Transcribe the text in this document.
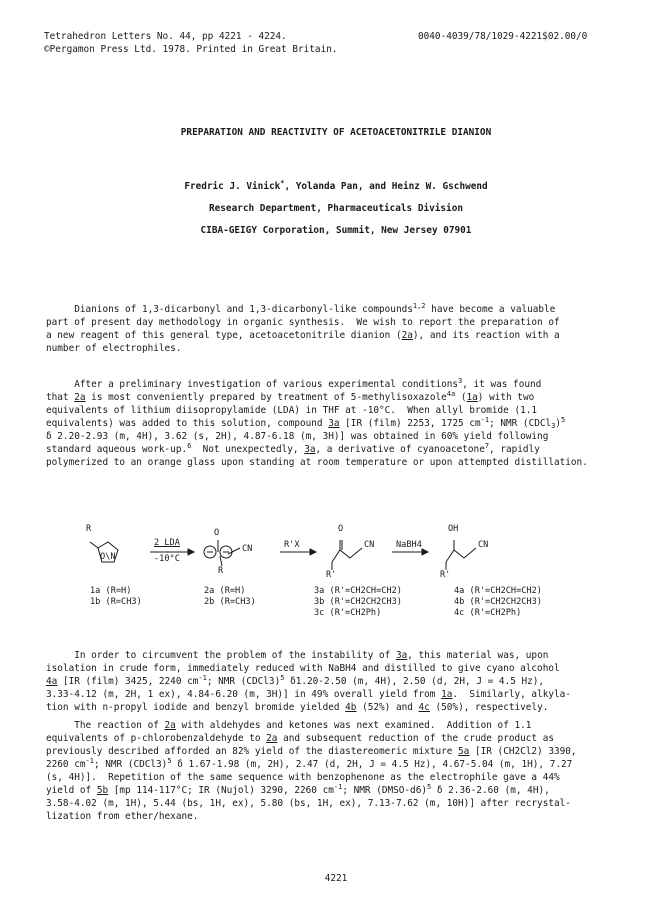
Tetrahedron Letters No. 44, pp 4221 - 4224.
©Pergamon Press Ltd. 1978. Printed in Great Britain.
0040-4039/78/1029-4221$02.00/0
PREPARATION AND REACTIVITY OF ACETOACETONITRILE DIANION
Fredric J. Vinick*, Yolanda Pan, and Heinz W. Gschwend
Research Department, Pharmaceuticals Division
CIBA-GEIGY Corporation, Summit, New Jersey 07901

Dianions of 1,3-dicarbonyl and 1,3-dicarbonyl-like compounds$^{1,2}$ have become a valuable
part of present day methodology in organic synthesis.  We wish to report the preparation of
a new reagent of this general type, acetoacetonitrile dianion (2a), and its reaction with a
number of electrophiles.

After a preliminary investigation of various experimental conditions$^3$, it was found
that 2a is most conveniently prepared by treatment of 5-methylisoxazole$^{4a}$ (1a) with two
equivalents of lithium diisopropylamide (LDA) in THF at -10°C.  When allyl bromide (1.1
equivalents) was added to this solution, compound 3a [IR (film) 2253, 1725 $cm^{-1}$; NMR (CDCl$_3$)$^5$
δ 2.20-2.93 (m, 4H), 3.62 (s, 2H), 4.87-6.18 (m, 3H)] was obtained in 60% yield following
standard aqueous work-up.$^6$  Not unexpectedly, 3a, a derivative of cyanoacetone$^7$, rapidly
polymerized to an orange glass upon standing at room temperature or upon attempted distillation.

R
O\N
2 LDA
-10°C
O
CN
R
R'X
O
CN
R'
NaBH4
OH
CN
R'
1a (R=H)
1b (R=CH3)
2a (R=H)
2b (R=CH3)
3a (R'=CH2CH=CH2)
3b (R'=CH2CH2CH3)
3c (R'=CH2Ph)
4a (R'=CH2CH=CH2)
4b (R'=CH2CH2CH3)
4c (R'=CH2Ph)

In order to circumvent the problem of the instability of 3a, this material was, upon
isolation in crude form, immediately reduced with NaBH4 and distilled to give cyano alcohol
4a [IR (film) 3425, 2240 $cm^{-1}$; NMR (CDCl3)$^5$ δ1.20-2.50 (m, 4H), 2.50 (d, 2H, J = 4.5 Hz),
3.33-4.12 (m, 2H, 1 ex), 4.84-6.20 (m, 3H)] in 49% overall yield from 1a.  Similarly, alkyla-
tion with n-propyl iodide and benzyl bromide yielded 4b (52%) and 4c (50%), respectively.

The reaction of 2a with aldehydes and ketones was next examined.  Addition of 1.1
equivalents of p-chlorobenzaldehyde to 2a and subsequent reduction of the crude product as
previously described afforded an 82% yield of the diastereomeric mixture 5a [IR (CH2Cl2) 3390,
2260 $cm^{-1}$; NMR (CDCl3)$^5$ δ 1.67-1.98 (m, 2H), 2.47 (d, 2H, J = 4.5 Hz), 4.67-5.04 (m, 1H), 7.27
(s, 4H)].  Repetition of the same sequence with benzophenone as the electrophile gave a 44%
yield of 5b [mp 114-117°C; IR (Nujol) 3290, 2260 $cm^{-1}$; NMR (DMSO-d6)$^5$ δ 2.36-2.60 (m, 4H),
3.58-4.02 (m, 1H), 5.44 (bs, 1H, ex), 5.80 (bs, 1H, ex), 7.13-7.62 (m, 10H)] after recrystal-
lization from ether/hexane.

4221
